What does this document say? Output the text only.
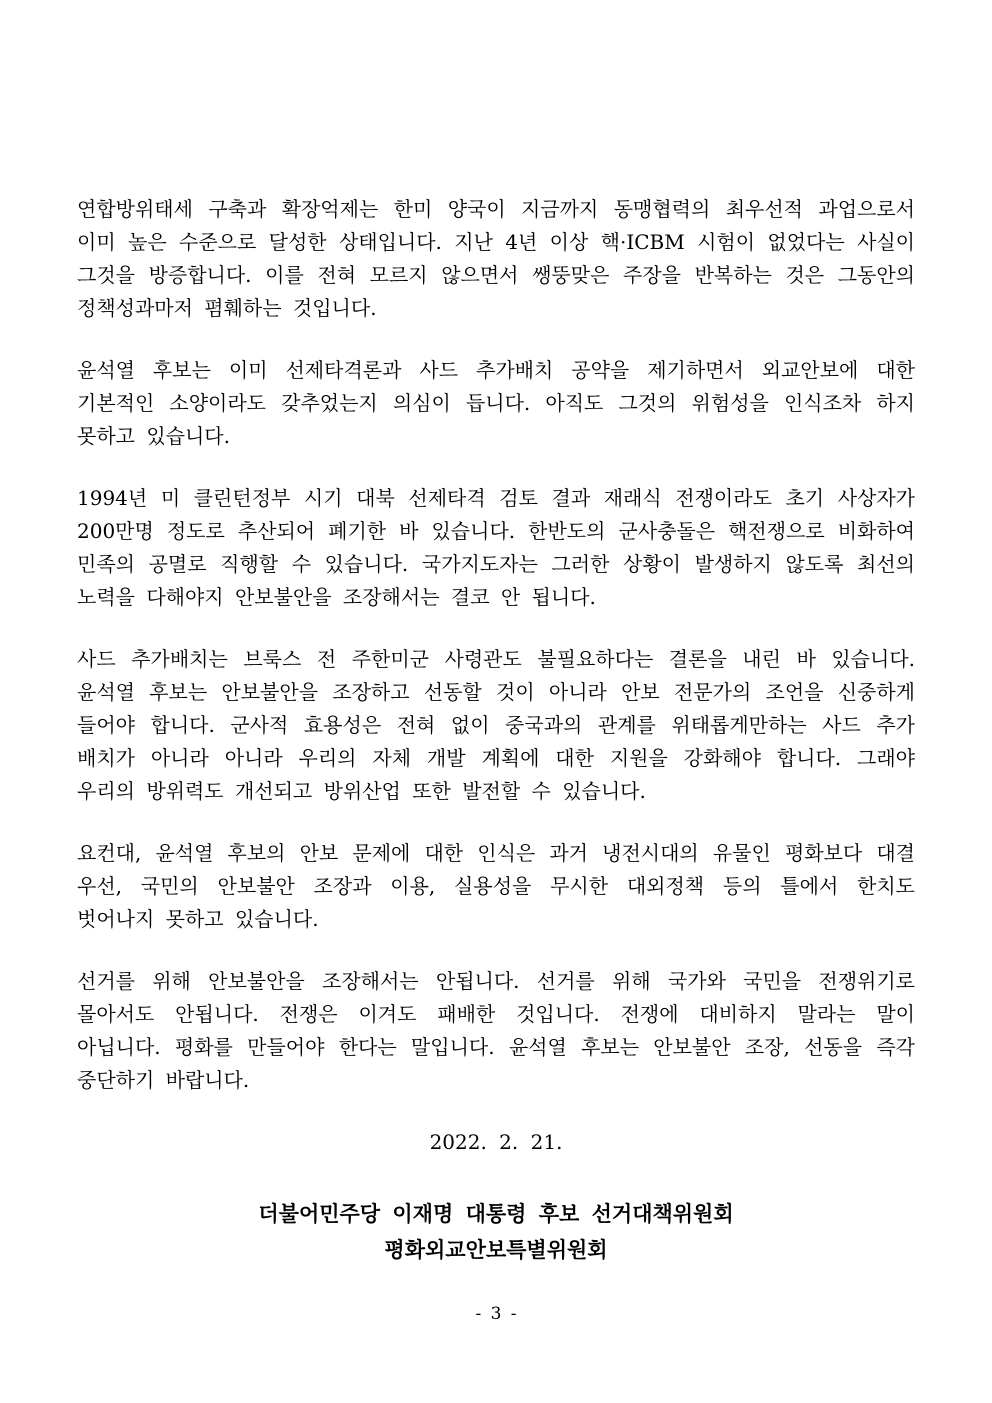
연합방위태세 구축과 확장억제는 한미 양국이 지금까지 동맹협력의 최우선적 과업으로서 이미 높은 수준으로 달성한 상태입니다. 지난 4년 이상 핵·ICBM 시험이 없었다는 사실이 그것을 방증합니다. 이를 전혀 모르지 않으면서 쌩뚱맞은 주장을 반복하는 것은 그동안의 정책성과마저 폄훼하는 것입니다.

윤석열 후보는 이미 선제타격론과 사드 추가배치 공약을 제기하면서 외교안보에 대한 기본적인 소양이라도 갖추었는지 의심이 듭니다. 아직도 그것의 위험성을 인식조차 하지 못하고 있습니다.

1994년 미 클린턴정부 시기 대북 선제타격 검토 결과 재래식 전쟁이라도 초기 사상자가 200만명 정도로 추산되어 폐기한 바 있습니다. 한반도의 군사충돌은 핵전쟁으로 비화하여 민족의 공멸로 직행할 수 있습니다. 국가지도자는 그러한 상황이 발생하지 않도록 최선의 노력을 다해야지 안보불안을 조장해서는 결코 안 됩니다.

사드 추가배치는 브룩스 전 주한미군 사령관도 불필요하다는 결론을 내린 바 있습니다. 윤석열 후보는 안보불안을 조장하고 선동할 것이 아니라 안보 전문가의 조언을 신중하게 들어야 합니다. 군사적 효용성은 전혀 없이 중국과의 관계를 위태롭게만하는 사드 추가 배치가 아니라 아니라 우리의 자체 개발 계획에 대한 지원을 강화해야 합니다. 그래야 우리의 방위력도 개선되고 방위산업 또한 발전할 수 있습니다.

요컨대, 윤석열 후보의 안보 문제에 대한 인식은 과거 냉전시대의 유물인 평화보다 대결 우선, 국민의 안보불안 조장과 이용, 실용성을 무시한 대외정책 등의 틀에서 한치도 벗어나지 못하고 있습니다.

선거를 위해 안보불안을 조장해서는 안됩니다. 선거를 위해 국가와 국민을 전쟁위기로 몰아서도 안됩니다. 전쟁은 이겨도 패배한 것입니다. 전쟁에 대비하지 말라는 말이 아닙니다. 평화를 만들어야 한다는 말입니다. 윤석열 후보는 안보불안 조장, 선동을 즉각 중단하기 바랍니다.

2022. 2. 21.

더불어민주당 이재명 대통령 후보 선거대책위원회

평화외교안보특별위원회

- 3 -
